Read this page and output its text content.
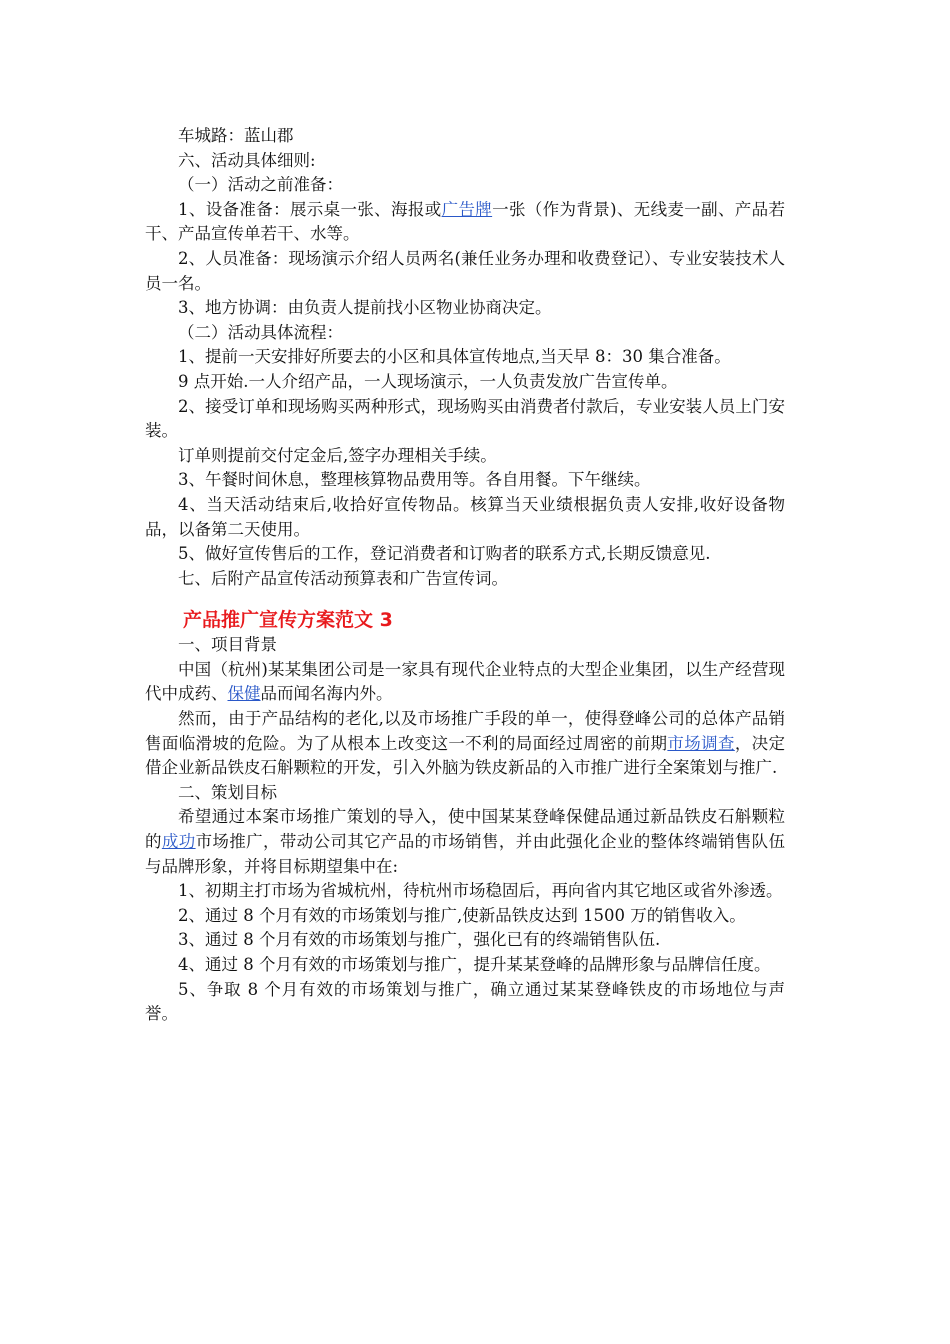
车城路：蓝山郡

六、活动具体细则:

（一）活动之前准备：

1、设备准备：展示桌一张、海报或广告牌一张（作为背景)、无线麦一副、产品若干、产品宣传单若干、水等。

2、人员准备：现场演示介绍人员两名(兼任业务办理和收费登记）、专业安装技术人员一名。

3、地方协调：由负责人提前找小区物业协商决定。

（二）活动具体流程：

1、提前一天安排好所要去的小区和具体宣传地点,当天早 8：30 集合准备。

9 点开始.一人介绍产品，一人现场演示，一人负责发放广告宣传单。

2、接受订单和现场购买两种形式，现场购买由消费者付款后，专业安装人员上门安装。

订单则提前交付定金后,签字办理相关手续。

3、午餐时间休息，整理核算物品费用等。各自用餐。下午继续。

4、当天活动结束后,收拾好宣传物品。核算当天业绩根据负责人安排,收好设备物品，以备第二天使用。

5、做好宣传售后的工作，登记消费者和订购者的联系方式,长期反馈意见.

七、后附产品宣传活动预算表和广告宣传词。

产品推广宣传方案范文 3

一、项目背景

中国（杭州)某某集团公司是一家具有现代企业特点的大型企业集团，以生产经营现代中成药、保健品而闻名海内外。

然而，由于产品结构的老化,以及市场推广手段的单一，使得登峰公司的总体产品销售面临滑坡的危险。为了从根本上改变这一不利的局面经过周密的前期市场调查，决定借企业新品铁皮石斛颗粒的开发，引入外脑为铁皮新品的入市推广进行全案策划与推广.

二、策划目标

希望通过本案市场推广策划的导入，使中国某某登峰保健品通过新品铁皮石斛颗粒的成功市场推广，带动公司其它产品的市场销售，并由此强化企业的整体终端销售队伍与品牌形象，并将目标期望集中在:

1、初期主打市场为省城杭州，待杭州市场稳固后，再向省内其它地区或省外渗透。

2、通过 8 个月有效的市场策划与推广,使新品铁皮达到 1500 万的销售收入。

3、通过 8 个月有效的市场策划与推广，强化已有的终端销售队伍.

4、通过 8 个月有效的市场策划与推广，提升某某登峰的品牌形象与品牌信任度。

5、争取 8 个月有效的市场策划与推广，确立通过某某登峰铁皮的市场地位与声誉。
